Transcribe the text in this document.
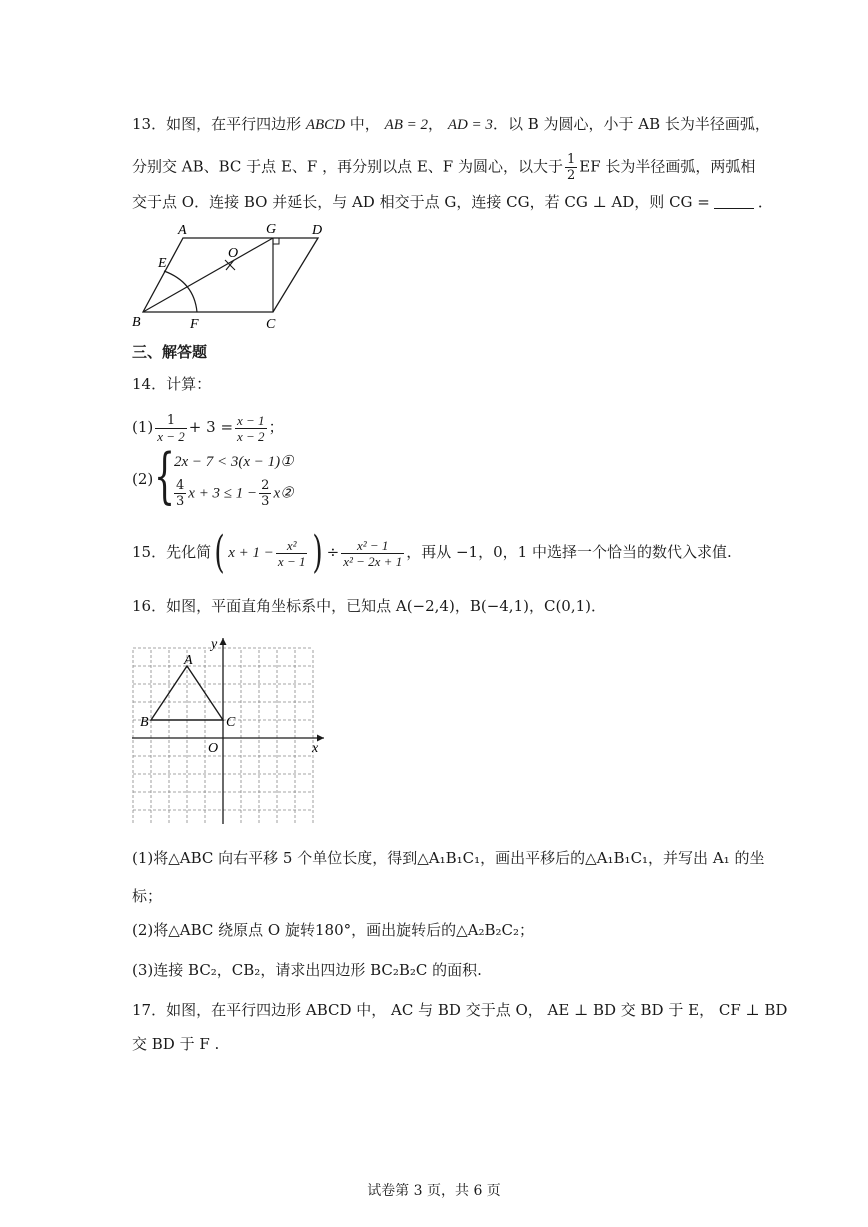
13．如图，在平行四边形 ABCD 中， AB = 2， AD = 3．以 B 为圆心，小于 AB 长为半径画弧，
分别交 AB、BC 于点 E、F ，再分别以点 E、F 为圆心，以大于 $\frac{1}{2}$ EF 长为半径画弧，两弧相
交于点 O．连接 BO 并延长，与 AD 相交于点 G，连接 CG，若 CG ⊥ AD，则 CG =	．
A	G	D
O
E
B	F	C
三、解答题
14．计算：
$(1) \frac{1}{x - 2} + 3 = \frac{x - 1}{x - 2}$ ；
(2) {
2x − 7 < 3(x − 1)①
$\frac{4}{3}$ $x + 3 \le 1 - \frac{2}{3}$ x②
15．先化简( $x + 1 - \frac{\text{x²}}{x - 1}$ ) ÷ $\frac{\text{x² − 1}}{\text{x² − 2x + 1}}$ ，再从 −1，0，1 中选择一个恰当的数代入求值.
16．如图，平面直角坐标系中，已知点 A(−2,4)，B(−4,1)，C(0,1)．
y
x
A
B	C
O
(1)将△ABC 向右平移 5 个单位长度，得到△A₁B₁C₁，画出平移后的△A₁B₁C₁，并写出 A₁ 的坐
标；
(2)将△ABC 绕原点 O 旋转180°，画出旋转后的△A₂B₂C₂；
(3)连接 BC₂，CB₂，请求出四边形 BC₂B₂C 的面积.
17．如图，在平行四边形 ABCD 中， AC 与 BD 交于点 O， AE ⊥ BD 交 BD 于 E， CF ⊥ BD
交 BD 于 F .
试卷第 3 页，共 6 页
